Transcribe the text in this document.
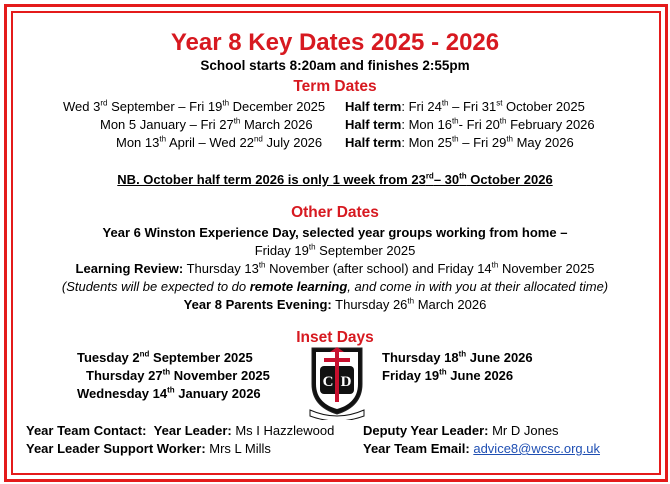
Year 8 Key Dates 2025 - 2026
School starts 8:20am and finishes 2:55pm
Term Dates
Wed 3rd September – Fri 19th December 2025 Half term: Fri 24th – Fri 31st October 2025
Mon 5 January – Fri 27th March 2026 Half term: Mon 16th- Fri 20th February 2026
Mon 13th April – Wed 22nd July 2026 Half term: Mon 25th – Fri 29th May 2026
NB. October half term 2026 is only 1 week from 23rd– 30th October 2026
Other Dates
Year 6 Winston Experience Day, selected year groups working from home –
Friday 19th September 2025
Learning Review: Thursday 13th November (after school) and Friday 14th November 2025
(Students will be expected to do remote learning, and come in with you at their allocated time)
Year 8 Parents Evening: Thursday 26th March 2026
Inset Days
Tuesday 2nd September 2025
Thursday 27th November 2025
Wednesday 14th January 2026
Thursday 18th June 2026
Friday 19th June 2026
C D
Year Team Contact: Year Leader: Ms I Hazzlewood Deputy Year Leader: Mr D Jones
Year Leader Support Worker: Mrs L Mills	Year Team Email: advice8@wcsc.org.uk
